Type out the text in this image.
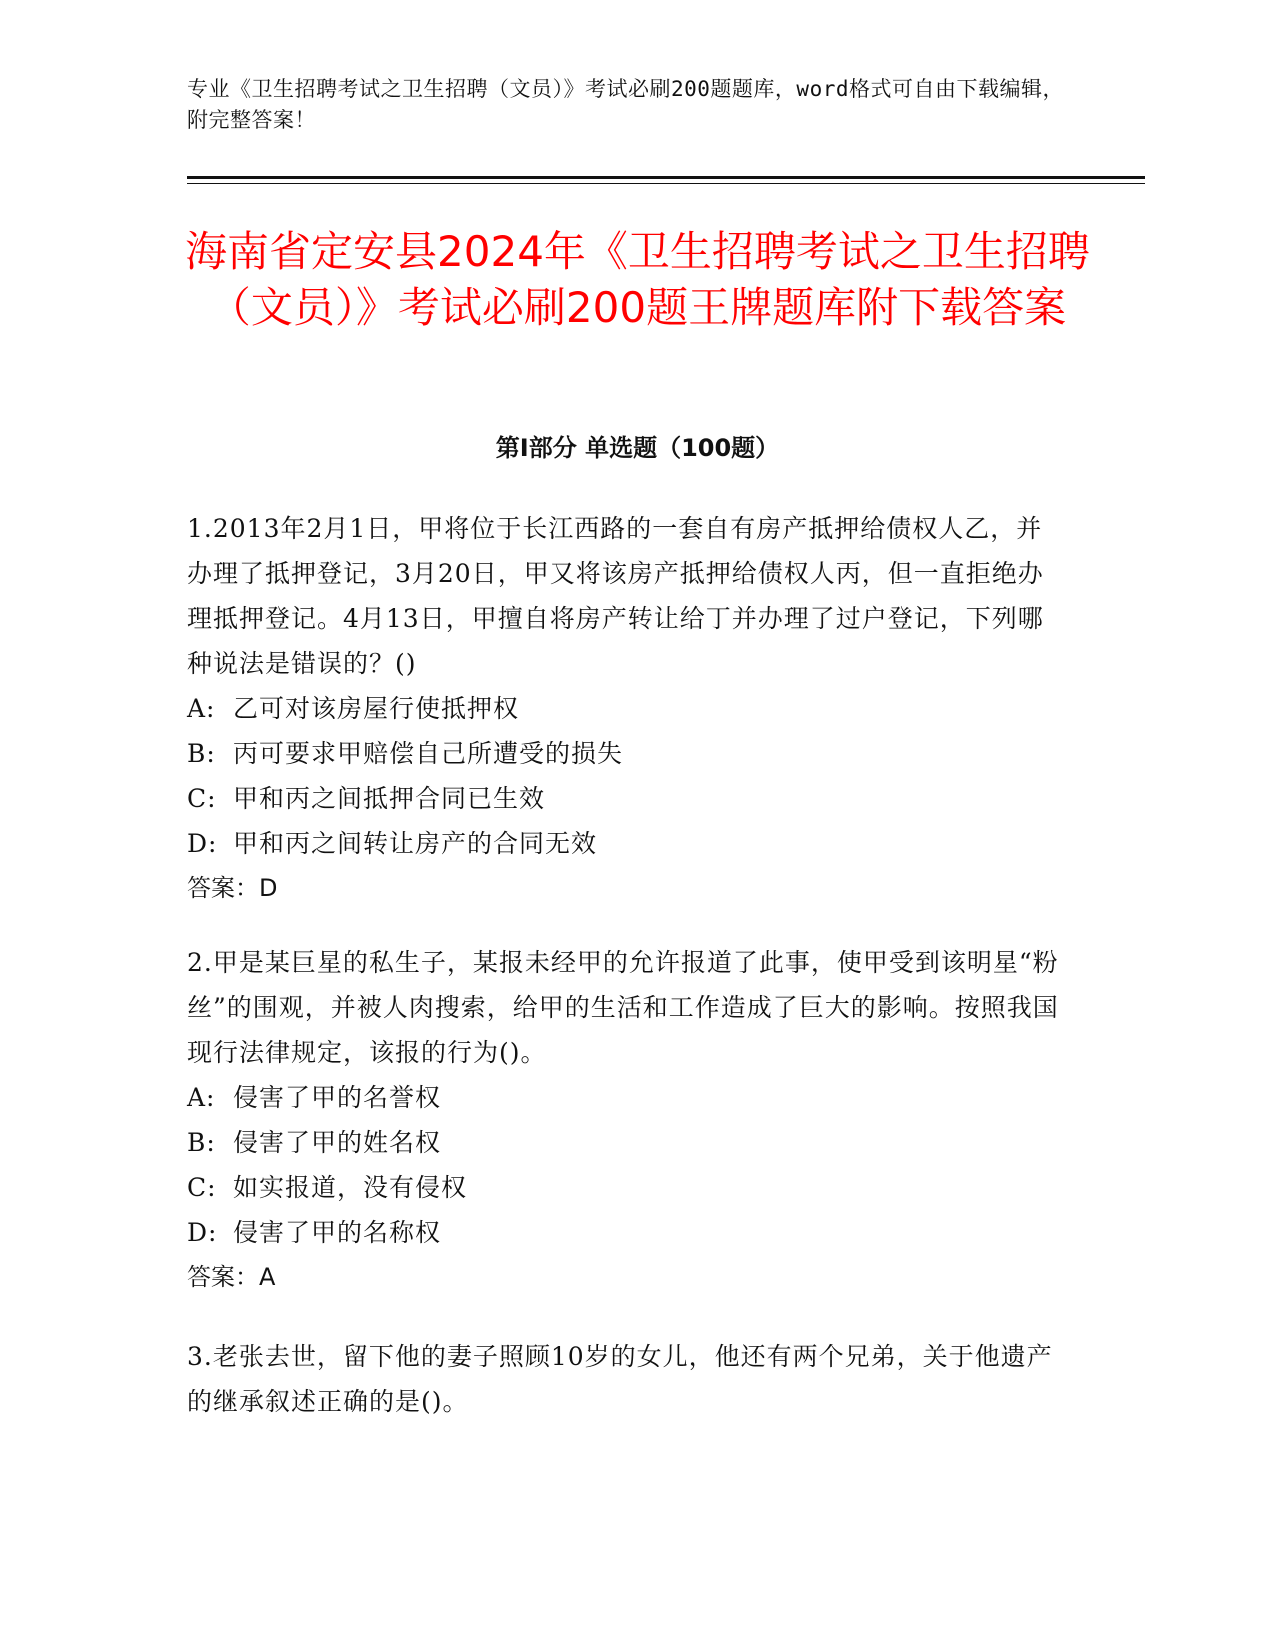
专业《卫生招聘考试之卫生招聘（文员）》考试必刷200题题库，word格式可自由下载编辑，附完整答案！

海南省定安县2024年《卫生招聘考试之卫生招聘（文员）》考试必刷200题王牌题库附下载答案
第Ⅰ部分 单选题（100题）

1.2013年2月1日，甲将位于长江西路的一套自有房产抵押给债权人乙，并办理了抵押登记，3月20日，甲又将该房产抵押给债权人丙，但一直拒绝办理抵押登记。4月13日，甲擅自将房产转让给丁并办理了过户登记，下列哪种说法是错误的？()

A: 乙可对该房屋行使抵押权

B: 丙可要求甲赔偿自己所遭受的损失

C: 甲和丙之间抵押合同已生效

D: 甲和丙之间转让房产的合同无效

答案：D

2.甲是某巨星的私生子，某报未经甲的允许报道了此事，使甲受到该明星“粉丝”的围观，并被人肉搜索，给甲的生活和工作造成了巨大的影响。按照我国现行法律规定，该报的行为()。

A: 侵害了甲的名誉权

B: 侵害了甲的姓名权

C: 如实报道，没有侵权

D: 侵害了甲的名称权

答案：A

3.老张去世，留下他的妻子照顾10岁的女儿，他还有两个兄弟，关于他遗产的继承叙述正确的是()。
